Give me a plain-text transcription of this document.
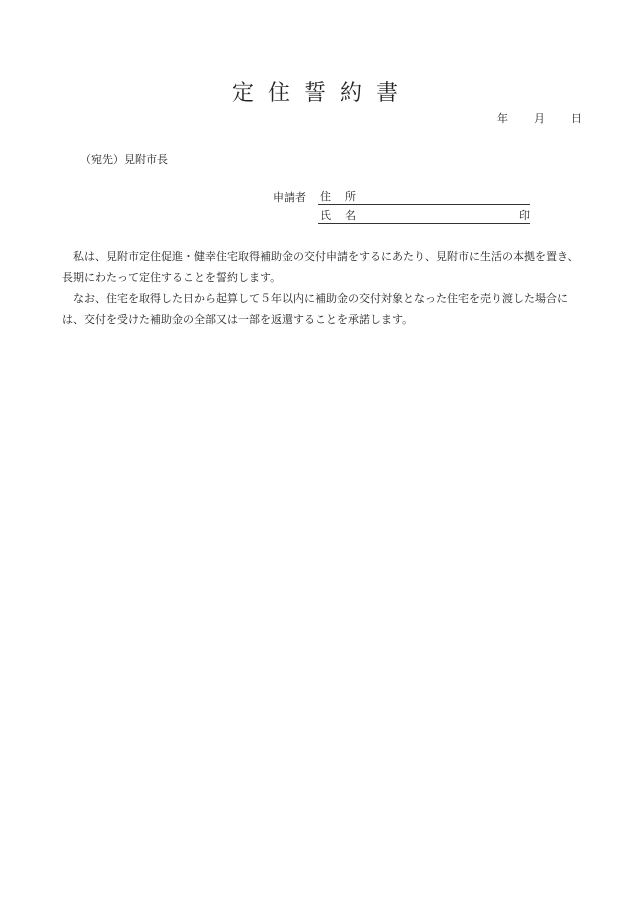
定住誓約書
年 月 日
（宛先）見附市長
申請者 住所
氏名	印

私は、見附市定住促進・健幸住宅取得補助金の交付申請をするにあたり、見附市に生活の本拠を置き、長期にわたって定住することを誓約します。

なお、住宅を取得した日から起算して５年以内に補助金の交付対象となった住宅を売り渡した場合には、交付を受けた補助金の全部又は一部を返還することを承諾します。
